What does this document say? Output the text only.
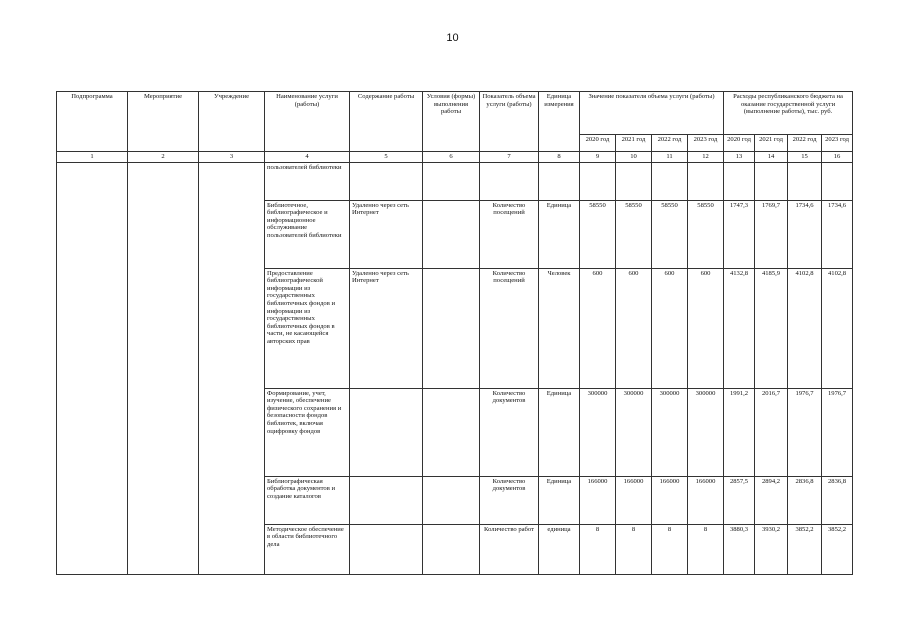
10
Подпрограмма	Мероприятие	Учреждение	Наименование услуги (работы)	Содержание работы	Условия (формы) выполнения работы	Показатель объема услуги (работы)	Единица измерения	Значение показателя объема услуги (работы)				Расходы республиканского бюджета на оказание государственной услуги (выполнение работы), тыс. руб.			
								2020 год	2021 год	2022 год	2023 год	2020 год	2021 год	2022 год	2023 год
1	2	3	4	5	6	7	8	9	10	11	12	13	14	15	16
			пользователей библиотеки												
			Библиотечное, библиографическое и информационное обслуживание пользователей библиотеки	Удаленно через сеть Интернет		Количество посещений	Единица	58550	58550	58550	58550	1747,3	1769,7	1734,6	1734,6
			Предоставление библиографической информации из государственных библиотечных фондов и информации из государственных библиотечных фондов в части, не касающейся авторских прав	Удаленно через сеть Интернет		Количество посещений	Человек	600	600	600	600	4132,8	4185,9	4102,8	4102,8
			Формирование, учет, изучение, обеспечение физического сохранения и безопасности фондов библиотек, включая оцифровку фондов			Количество документов	Единица	300000	300000	300000	300000	1991,2	2016,7	1976,7	1976,7
			Библиографическая обработка документов и создание каталогов			Количество документов	Единица	166000	166000	166000	166000	2857,5	2894,2	2836,8	2836,8
			Методическое обеспечение в области библиотечного дела			Количество работ	единица	8	8	8	8	3880,3	3930,2	3852,2	3852,2
